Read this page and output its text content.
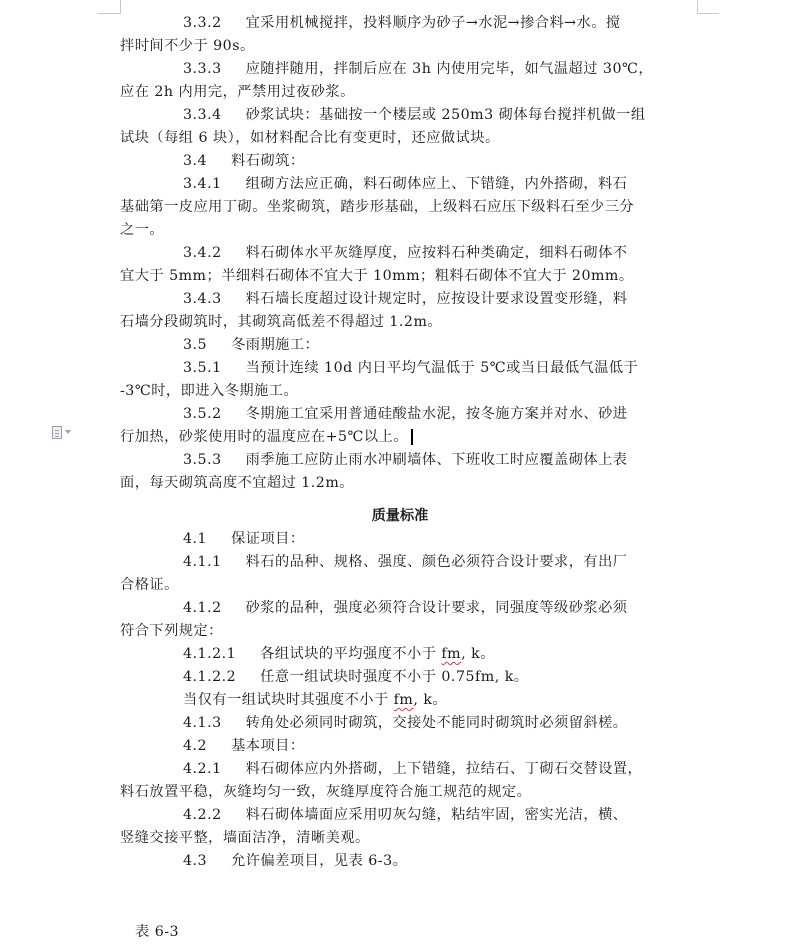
3.3.2 宜采用机械搅拌，投料顺序为砂子→水泥→掺合料→水。搅
拌时间不少于 90s。
3.3.3 应随拌随用，拌制后应在 3h 内使用完毕，如气温超过 30℃，
应在 2h 内用完，严禁用过夜砂浆。
3.3.4 砂浆试块：基础按一个楼层或 250m3 砌体每台搅拌机做一组
试块（每组 6 块），如材料配合比有变更时，还应做试块。
3.4 料石砌筑：
3.4.1 组砌方法应正确，料石砌体应上、下错缝，内外搭砌，料石
基础第一皮应用丁砌。坐浆砌筑，踏步形基础，上级料石应压下级料石至少三分
之一。
3.4.2 料石砌体水平灰缝厚度，应按料石种类确定，细料石砌体不
宜大于 5mm；半细料石砌体不宜大于 10mm；粗料石砌体不宜大于 20mm。
3.4.3 料石墙长度超过设计规定时，应按设计要求设置变形缝，料
石墙分段砌筑时，其砌筑高低差不得超过 1.2m。
3.5 冬雨期施工：
3.5.1 当预计连续 10d 内日平均气温低于 5℃或当日最低气温低于
-3℃时，即进入冬期施工。
3.5.2 冬期施工宜采用普通硅酸盐水泥，按冬施方案并对水、砂进
行加热，砂浆使用时的温度应在+5℃以上。
3.5.3 雨季施工应防止雨水冲刷墙体、下班收工时应覆盖砌体上表
面，每天砌筑高度不宜超过 1.2m。
质量标准
4.1 保证项目：
4.1.1 料石的品种、规格、强度、颜色必须符合设计要求，有出厂
合格证。
4.1.2 砂浆的品种，强度必须符合设计要求，同强度等级砂浆必须
符合下列规定：
4.1.2.1 各组试块的平均强度不小于 fm, k。
4.1.2.2 任意一组试块时强度不小于 0.75fm, k。
当仅有一组试块时其强度不小于 fm, k。
4.1.3 转角处必须同时砌筑，交接处不能同时砌筑时必须留斜槎。
4.2 基本项目：
4.2.1 料石砌体应内外搭砌，上下错缝，拉结石、丁砌石交替设置，
料石放置平稳，灰缝均匀一致，灰缝厚度符合施工规范的规定。
4.2.2 料石砌体墙面应采用叨灰勾缝，粘结牢固，密实光洁，横、
竖缝交接平整，墙面洁净，清晰美观。
4.3 允许偏差项目，见表 6-3。
表 6-3
